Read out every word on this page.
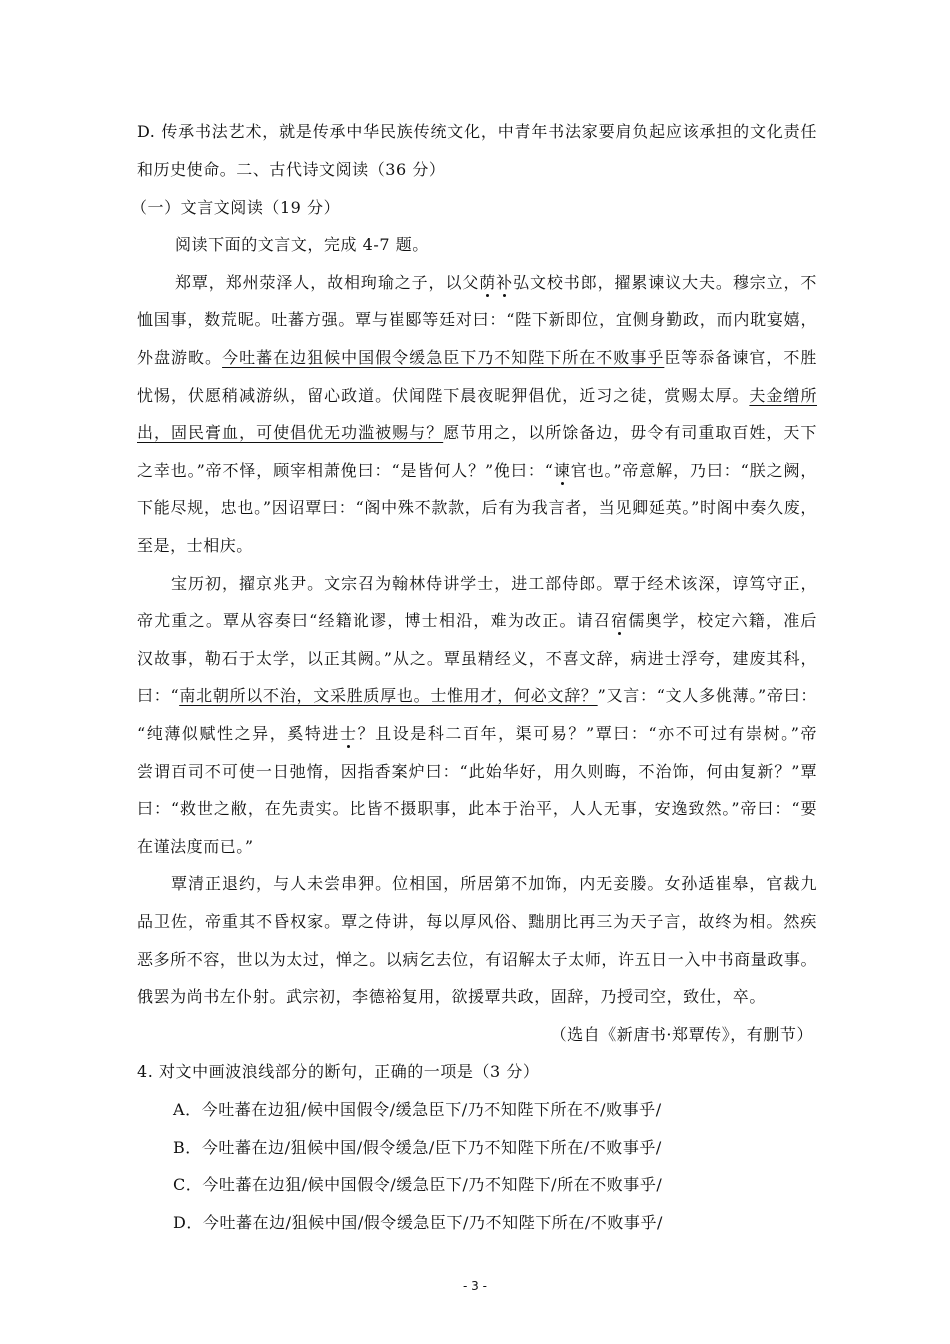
D. 传承书法艺术，就是传承中华民族传统文化，中青年书法家要肩负起应该承担的文化责任
和历史使命。二、古代诗文阅读（36 分）
（一）文言文阅读（19 分）
阅读下面的文言文，完成 4-7 题。
郑覃，郑州荥泽人，故相珣瑜之子，以父荫补弘文校书郎，擢累谏议大夫。穆宗立，不
恤国事，数荒昵。吐蕃方强。覃与崔郾等廷对曰：“陛下新即位，宜侧身勤政，而内耽宴嬉，
外盘游畋。今吐蕃在边狙候中国假令缓急臣下乃不知陛下所在不败事乎臣等忝备谏官，不胜
忧惕，伏愿稍减游纵，留心政道。伏闻陛下晨夜昵狎倡优，近习之徒，赏赐太厚。夫金缯所
出，固民膏血，可使倡优无功滥被赐与？愿节用之，以所馀备边，毋令有司重取百姓，天下
之幸也。”帝不怿，顾宰相萧俛曰：“是皆何人？”俛曰：“谏官也。”帝意解，乃曰：“朕之阙，
下能尽规，忠也。”因诏覃曰：“阁中殊不款款，后有为我言者，当见卿延英。”时阁中奏久废，
至是，士相庆。
宝历初，擢京兆尹。文宗召为翰林侍讲学士，进工部侍郎。覃于经术该深，谆笃守正，
帝尤重之。覃从容奏曰“经籍讹谬，博士相沿，难为改正。请召宿儒奥学，校定六籍，准后
汉故事，勒石于太学，以正其阙。”从之。覃虽精经义，不喜文辞，病进士浮夸，建废其科，
曰：“南北朝所以不治，文采胜质厚也。士惟用才，何必文辞？”又言：“文人多佻薄。”帝曰：
“纯薄似赋性之异，奚特进士？且设是科二百年，渠可易？”覃曰：“亦不可过有崇树。”帝
尝谓百司不可使一日弛惰，因指香案炉曰：“此始华好，用久则晦，不治饰，何由复新？”覃
曰：“救世之敝，在先责实。比皆不摄职事，此本于治平，人人无事，安逸致然。”帝曰：“要
在谨法度而已。”
覃清正退约，与人未尝串狎。位相国，所居第不加饰，内无妾媵。女孙适崔皋，官裁九
品卫佐，帝重其不昏权家。覃之侍讲，每以厚风俗、黜朋比再三为天子言，故终为相。然疾
恶多所不容，世以为太过，惮之。以病乞去位，有诏解太子太师，许五日一入中书商量政事。
俄罢为尚书左仆射。武宗初，李德裕复用，欲援覃共政，固辞，乃授司空，致仕，卒。
（选自《新唐书·郑覃传》，有删节）
4. 对文中画波浪线部分的断句，正确的一项是（3 分）
A．今吐蕃在边狙/候中国假令/缓急臣下/乃不知陛下所在不/败事乎/
B．今吐蕃在边/狙候中国/假令缓急/臣下乃不知陛下所在/不败事乎/
C．今吐蕃在边狙/候中国假令/缓急臣下/乃不知陛下/所在不败事乎/
D．今吐蕃在边/狙候中国/假令缓急臣下/乃不知陛下所在/不败事乎/
- 3 -
